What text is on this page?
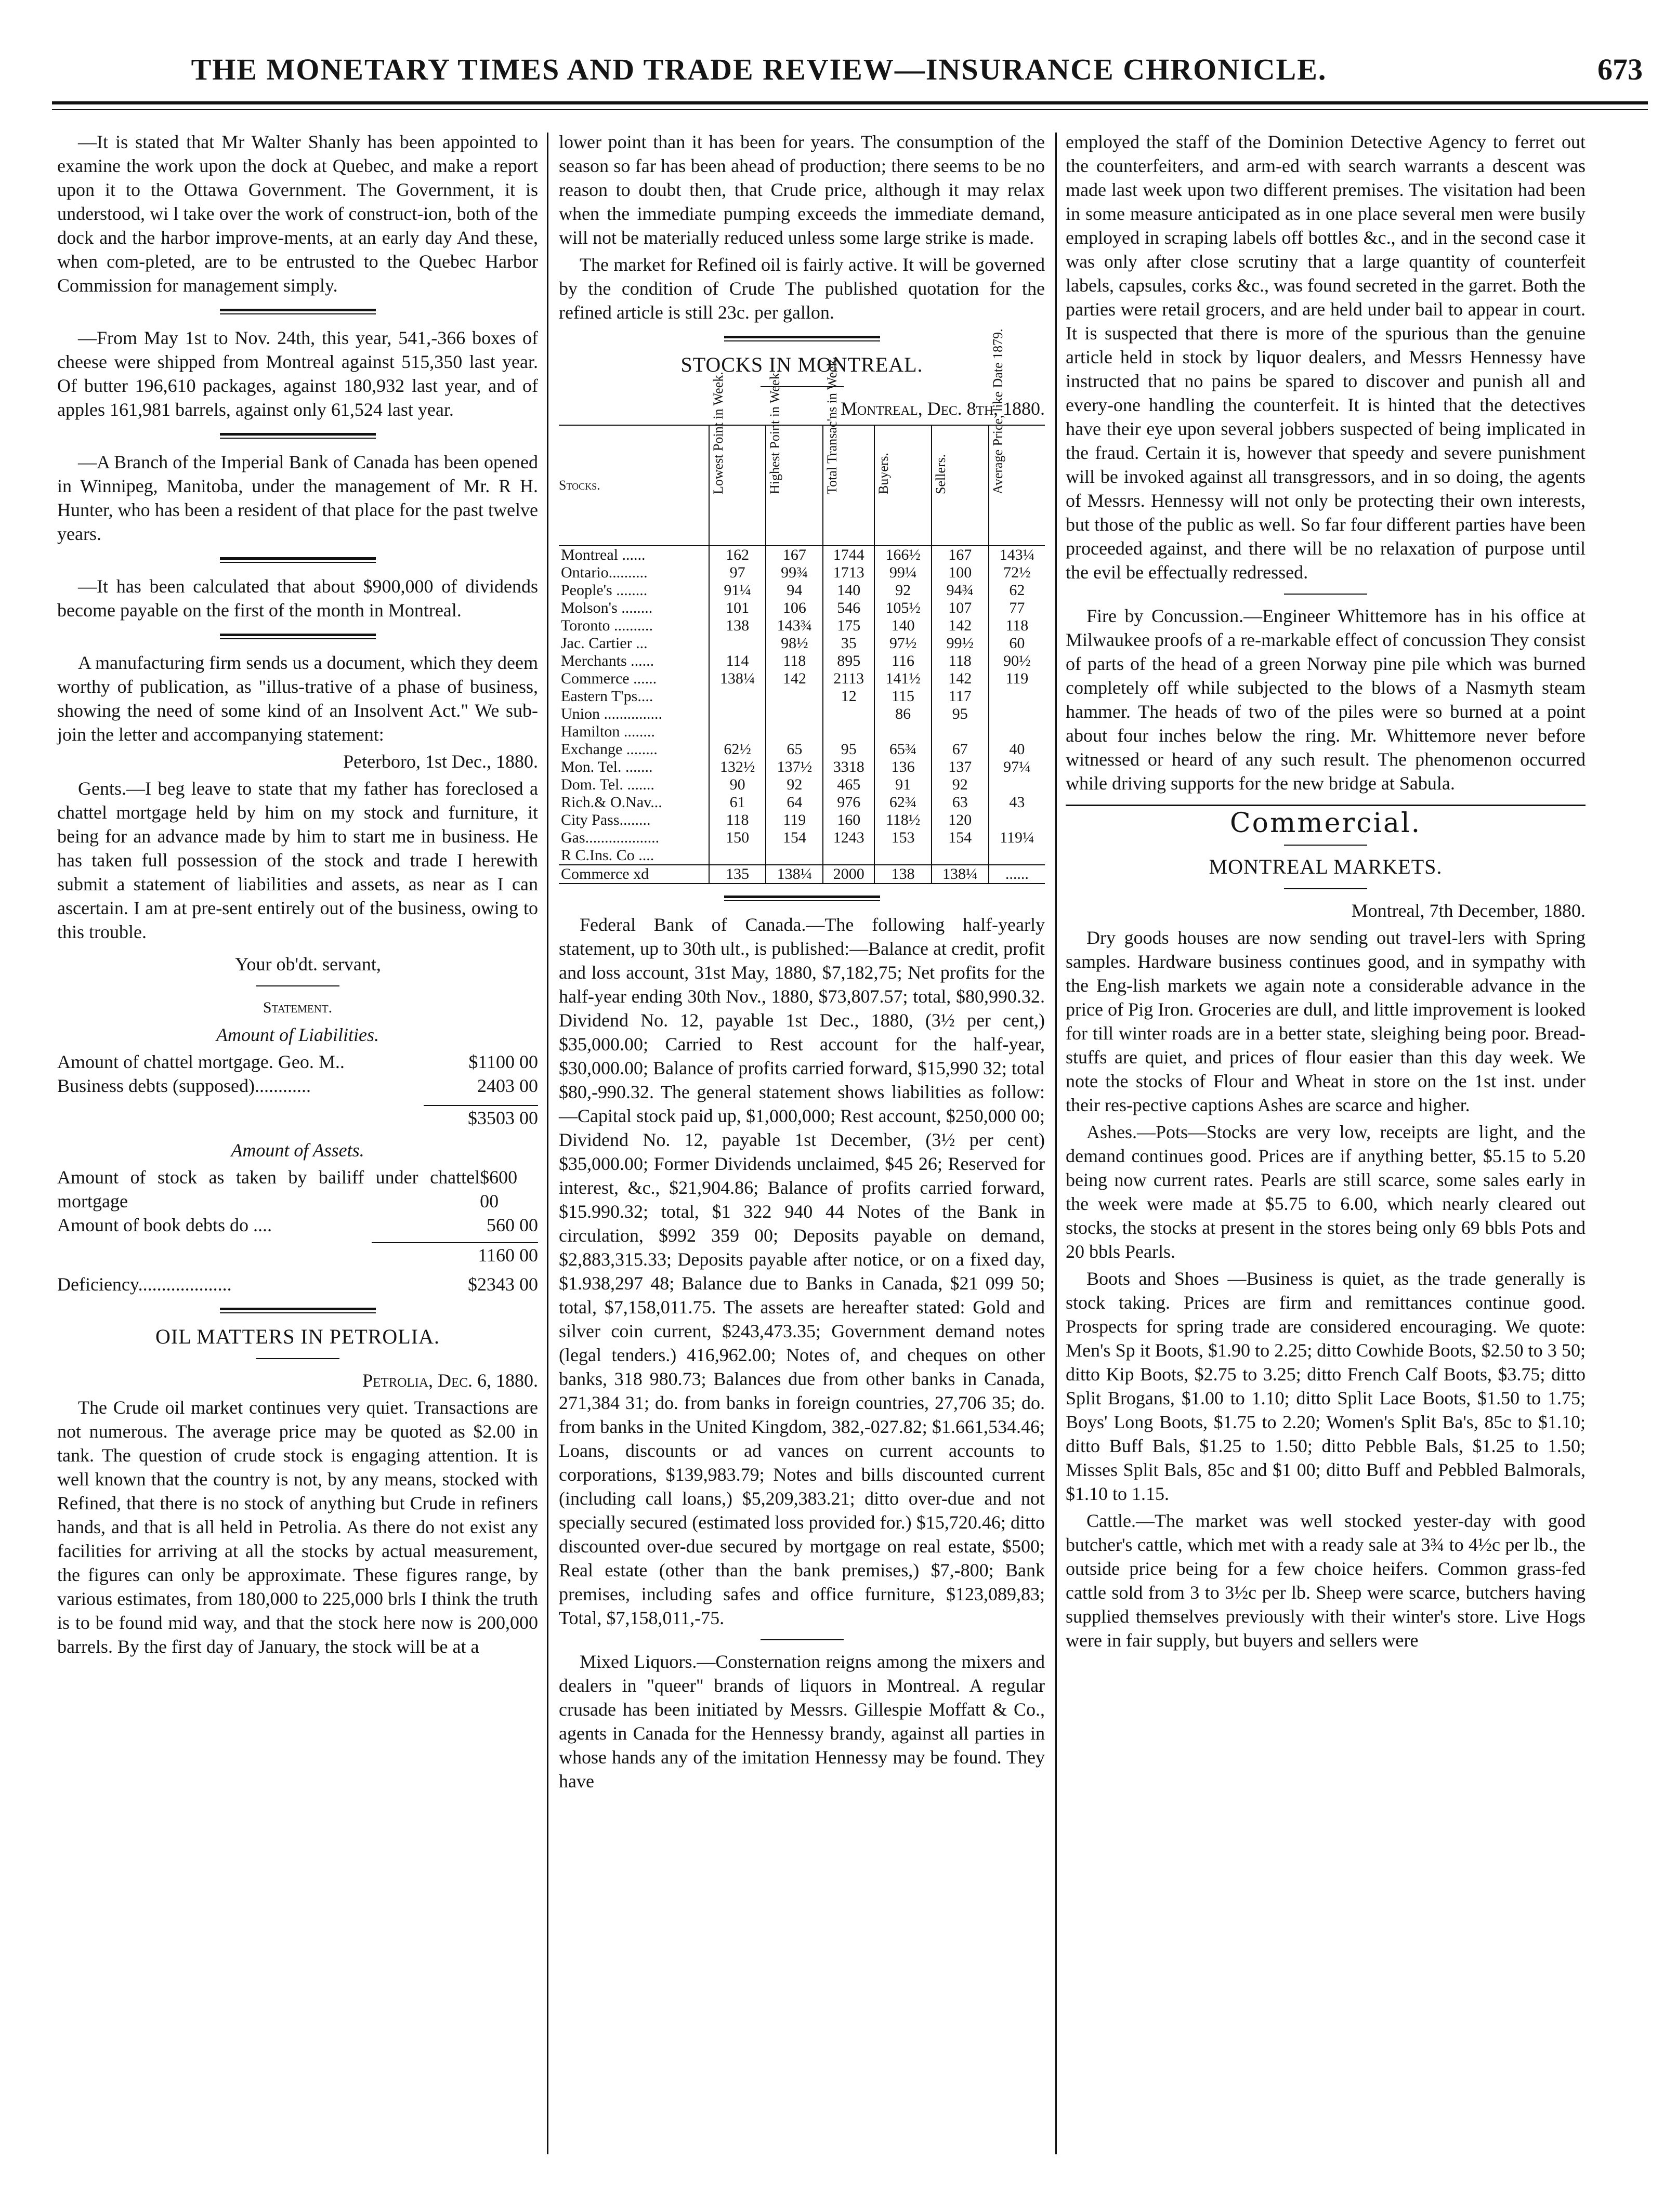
THE MONETARY TIMES AND TRADE REVIEW—INSURANCE CHRONICLE.	673

—It is stated that Mr Walter Shanly has been appointed to examine the work upon the dock at Quebec, and make a report upon it to the Ottawa Government. The Government, it is understood, wi l take over the work of construct-ion, both of the dock and the harbor improve-ments, at an early day And these, when com-pleted, are to be entrusted to the Quebec Harbor Commission for management simply.

—From May 1st to Nov. 24th, this year, 541,-366 boxes of cheese were shipped from Montreal against 515,350 last year. Of butter 196,610 packages, against 180,932 last year, and of apples 161,981 barrels, against only 61,524 last year.

—A Branch of the Imperial Bank of Canada has been opened in Winnipeg, Manitoba, under the management of Mr. R H. Hunter, who has been a resident of that place for the past twelve years.

—It has been calculated that about $900,000 of dividends become payable on the first of the month in Montreal.

A manufacturing firm sends us a document, which they deem worthy of publication, as "illus-trative of a phase of business, showing the need of some kind of an Insolvent Act." We sub-join the letter and accompanying statement:

Peterboro, 1st Dec., 1880.

Gents.—I beg leave to state that my father has foreclosed a chattel mortgage held by him on my stock and furniture, it being for an advance made by him to start me in business. He has taken full possession of the stock and trade I herewith submit a statement of liabilities and assets, as near as I can ascertain. I am at pre-sent entirely out of the business, owing to this trouble.

Your ob'dt. servant,

Statement.

Amount of Liabilities.

Amount of chattel mortgage. Geo. M..	$1100 00
Business debts (supposed)............	2403 00
$3503 00

Amount of Assets.

Amount of stock as taken by bailiff under chattel mortgage
$600 00
Amount of book debts do ....	560 00
1160 00
Deficiency....................	$2343 00
OIL MATTERS IN PETROLIA.

Petrolia, Dec. 6, 1880.

The Crude oil market continues very quiet. Transactions are not numerous. The average price may be quoted as $2.00 in tank. The question of crude stock is engaging attention. It is well known that the country is not, by any means, stocked with Refined, that there is no stock of anything but Crude in refiners hands, and that is all held in Petrolia. As there do not exist any facilities for arriving at all the stocks by actual measurement, the figures can only be approximate. These figures range, by various estimates, from 180,000 to 225,000 brls I think the truth is to be found mid way, and that the stock here now is 200,000 barrels. By the first day of January, the stock will be at a

lower point than it has been for years. The consumption of the season so far has been ahead of production; there seems to be no reason to doubt then, that Crude price, although it may relax when the immediate pumping exceeds the immediate demand, will not be materially reduced unless some large strike is made.

The market for Refined oil is fairly active. It will be governed by the condition of Crude The published quotation for the refined article is still 23c. per gallon.

STOCKS IN MONTREAL.

Montreal, Dec. 8th, 1880.

Stocks.	Lowest Point in Week.	Highest Point in Week.	Total Transac'ns in Week.	Buyers.	Sellers.	Average Price, like Date 1879.
Montreal ......	162	167	1744	166½	167	143¼
Ontario..........	97	99¾	1713	99¼	100	72½
People's ........	91¼	94	140	92	94¾	62
Molson's ........	101	106	546	105½	107	77
Toronto ..........	138	143¾	175	140	142	118
Jac. Cartier ...		98½	35	97½	99½	60
Merchants ......	114	118	895	116	118	90½
Commerce ......	138¼	142	2113	141½	142	119
Eastern T'ps....			12	115	117	
Union ...............				86	95	
Hamilton ........						
Exchange ........	62½	65	95	65¾	67	40
Mon. Tel. .......	132½	137½	3318	136	137	97¼
Dom. Tel. .......	90	92	465	91	92	
Rich.& O.Nav...	61	64	976	62¾	63	43
City Pass........	118	119	160	118½	120	
Gas...................	150	154	1243	153	154	119¼
R C.Ins. Co ....						
Commerce xd	135	138¼	2000	138	138¼	......

Federal Bank of Canada.—The following half-yearly statement, up to 30th ult., is published:—Balance at credit, profit and loss account, 31st May, 1880, $7,182,75; Net profits for the half-year ending 30th Nov., 1880, $73,807.57; total, $80,990.32. Dividend No. 12, payable 1st Dec., 1880, (3½ per cent,) $35,000.00; Carried to Rest account for the half-year, $30,000.00; Balance of profits carried forward, $15,990 32; total $80,-990.32. The general statement shows liabilities as follow:—Capital stock paid up, $1,000,000; Rest account, $250,000 00; Dividend No. 12, payable 1st December, (3½ per cent) $35,000.00; Former Dividends unclaimed, $45 26; Reserved for interest, &c., $21,904.86; Balance of profits carried forward, $15.990.32; total, $1 322 940 44 Notes of the Bank in circulation, $992 359 00; Deposits payable on demand, $2,883,315.33; Deposits payable after notice, or on a fixed day, $1.938,297 48; Balance due to Banks in Canada, $21 099 50; total, $7,158,011.75. The assets are hereafter stated: Gold and silver coin current, $243,473.35; Government demand notes (legal tenders.) 416,962.00; Notes of, and cheques on other banks, 318 980.73; Balances due from other banks in Canada, 271,384 31; do. from banks in foreign countries, 27,706 35; do. from banks in the United Kingdom, 382,-027.82; $1.661,534.46; Loans, discounts or ad vances on current accounts to corporations, $139,983.79; Notes and bills discounted current (including call loans,) $5,209,383.21; ditto over-due and not specially secured (estimated loss provided for.) $15,720.46; ditto discounted over-due secured by mortgage on real estate, $500; Real estate (other than the bank premises,) $7,-800; Bank premises, including safes and office furniture, $123,089,83; Total, $7,158,011,-75.

Mixed Liquors.—Consternation reigns among the mixers and dealers in "queer" brands of liquors in Montreal. A regular crusade has been initiated by Messrs. Gillespie Moffatt & Co., agents in Canada for the Hennessy brandy, against all parties in whose hands any of the imitation Hennessy may be found. They have

employed the staff of the Dominion Detective Agency to ferret out the counterfeiters, and arm-ed with search warrants a descent was made last week upon two different premises. The visitation had been in some measure anticipated as in one place several men were busily employed in scraping labels off bottles &c., and in the second case it was only after close scrutiny that a large quantity of counterfeit labels, capsules, corks &c., was found secreted in the garret. Both the parties were retail grocers, and are held under bail to appear in court. It is suspected that there is more of the spurious than the genuine article held in stock by liquor dealers, and Messrs Hennessy have instructed that no pains be spared to discover and punish all and every-one handling the counterfeit. It is hinted that the detectives have their eye upon several jobbers suspected of being implicated in the fraud. Certain it is, however that speedy and severe punishment will be invoked against all transgressors, and in so doing, the agents of Messrs. Hennessy will not only be protecting their own interests, but those of the public as well. So far four different parties have been proceeded against, and there will be no relaxation of purpose until the evil be effectually redressed.

Fire by Concussion.—Engineer Whittemore has in his office at Milwaukee proofs of a re-markable effect of concussion They consist of parts of the head of a green Norway pine pile which was burned completely off while subjected to the blows of a Nasmyth steam hammer. The heads of two of the piles were so burned at a point about four inches below the ring. Mr. Whittemore never before witnessed or heard of any such result. The phenomenon occurred while driving supports for the new bridge at Sabula.

Commercial.
MONTREAL MARKETS.

Montreal, 7th December, 1880.

Dry goods houses are now sending out travel-lers with Spring samples. Hardware business continues good, and in sympathy with the Eng-lish markets we again note a considerable advance in the price of Pig Iron. Groceries are dull, and little improvement is looked for till winter roads are in a better state, sleighing being poor. Bread-stuffs are quiet, and prices of flour easier than this day week. We note the stocks of Flour and Wheat in store on the 1st inst. under their res-pective captions Ashes are scarce and higher.

Ashes.—Pots—Stocks are very low, receipts are light, and the demand continues good. Prices are if anything better, $5.15 to 5.20 being now current rates. Pearls are still scarce, some sales early in the week were made at $5.75 to 6.00, which nearly cleared out stocks, the stocks at present in the stores being only 69 bbls Pots and 20 bbls Pearls.

Boots and Shoes —Business is quiet, as the trade generally is stock taking. Prices are firm and remittances continue good. Prospects for spring trade are considered encouraging. We quote: Men's Sp it Boots, $1.90 to 2.25; ditto Cowhide Boots, $2.50 to 3 50; ditto Kip Boots, $2.75 to 3.25; ditto French Calf Boots, $3.75; ditto Split Brogans, $1.00 to 1.10; ditto Split Lace Boots, $1.50 to 1.75; Boys' Long Boots, $1.75 to 2.20; Women's Split Ba's, 85c to $1.10; ditto Buff Bals, $1.25 to 1.50; ditto Pebble Bals, $1.25 to 1.50; Misses Split Bals, 85c and $1 00; ditto Buff and Pebbled Balmorals, $1.10 to 1.15.

Cattle.—The market was well stocked yester-day with good butcher's cattle, which met with a ready sale at 3¾ to 4½c per lb., the outside price being for a few choice heifers. Common grass-fed cattle sold from 3 to 3½c per lb. Sheep were scarce, butchers having supplied themselves previously with their winter's store. Live Hogs were in fair supply, but buyers and sellers were
